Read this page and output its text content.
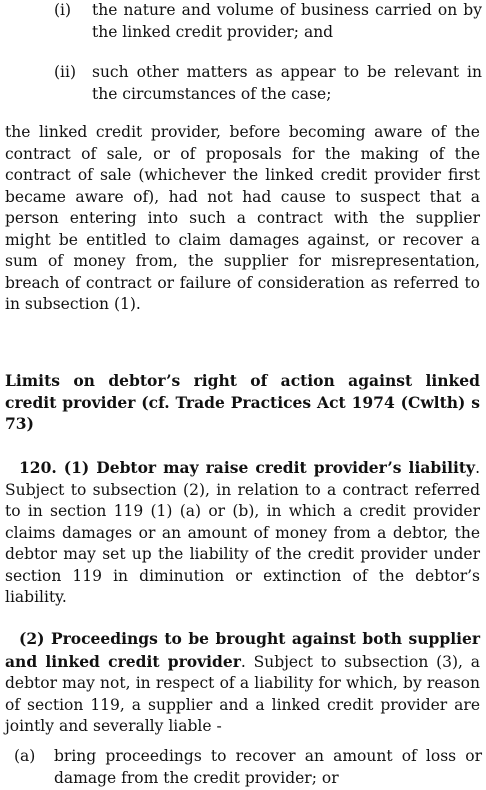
(i) the nature and volume of business carried on by the linked credit provider; and
(ii) such other matters as appear to be relevant in the circumstances of the case;

the linked credit provider, before becoming aware of the contract of sale, or of proposals for the making of the contract of sale (whichever the linked credit provider first became aware of), had not had cause to suspect that a person entering into such a contract with the supplier might be entitled to claim damages against, or recover a sum of money from, the supplier for misrepresentation, breach of contract or failure of consideration as referred to in subsection (1).

Limits on debtor’s right of action against linked credit provider (cf. Trade Practices Act 1974 (Cwlth) s 73)

120. (1) Debtor may raise credit provider’s liability. Subject to subsection (2), in relation to a contract referred to in section 119 (1) (a) or (b), in which a credit provider claims damages or an amount of money from a debtor, the debtor may set up the liability of the credit provider under section 119 in diminution or extinction of the debtor’s liability.

(2) Proceedings to be brought against both supplier and linked credit provider. Subject to subsection (3), a debtor may not, in respect of a liability for which, by reason of section 119, a supplier and a linked credit provider are jointly and severally liable -

(a) bring proceedings to recover an amount of loss or damage from the credit provider; or
